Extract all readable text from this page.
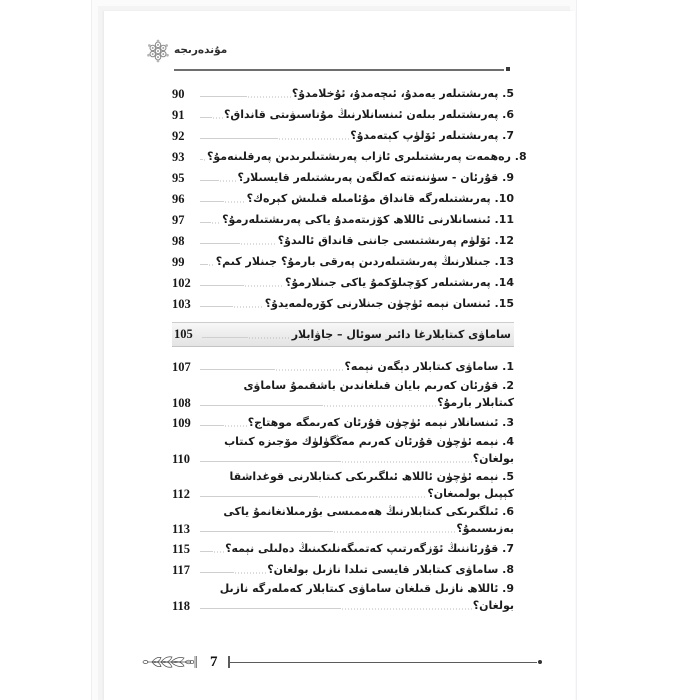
مۇندەرىجە
90	5. پەرىشتىلەر يەمدۇ، ئىچەمدۇ، ئۇخلامدۇ؟
91	6. پەرىشتىلەر بىلەن ئىنسانلارنىڭ مۇناسىۋىتى قانداق؟
92	7. پەرىشتىلەر ئۆلۈپ كېتەمدۇ؟
93	8. رەھمەت پەرىشتىلىرى ئازاب پەرىشتىلىرىدىن پەرقلىنەمۇ؟
95	9. قۇرئان - سۈننەتتە كەلگەن پەرىشتىلەر قايسىلار؟
96	10. پەرىشتىلەرگە قانداق مۇئامىلە قىلىش كېرەك؟
97	11. ئىنسانلارنى ئاللاھ كۆزىتەمدۇ ياكى پەرىشتىلەرمۇ؟
98	12. ئۆلۈم پەرىشتىسى جاننى قانداق ئالىدۇ؟
99	13. جىنلارنىڭ پەرىشتىلەردىن پەرقى بارمۇ؟ جىنلار كىم؟
102	14. پەرىشتىلەر كۆچىلۆكمۇ ياكى جىنلارمۇ؟
103	15. ئىنسان نېمە ئۈچۈن جىنلارنى كۆرەلمەيدۇ؟
105	ساماۋى كىتابلارغا دائىر سوئال – جاۋابلار
107	1. ساماۋى كىتابلار دېگەن نېمە؟
2. قۇرئان كەرىم بايان قىلغاندىن باشقىمۇ ساماۋى
108	كىتابلار بارمۇ؟
109	3. ئىنسانلار نېمە ئۈچۈن قۇرئان كەرىمگە موھتاج؟
4. نېمە ئۈچۈن قۇرئان كەرىم مەڭگۈلۈك مۆجىزە كىتاب
110	بولغان؟
5. نېمە ئۈچۈن ئاللاھ ئىلگىرىكى كىتابلارنى قوغداشقا
112	كېپىل بولمىغان؟
6. ئىلگىرىكى كىتابلارنىڭ ھەممىسى بۇرمىلانغانمۇ ياكى
113	بەزىسىمۇ؟
115	7. قۇرئاننىڭ ئۆزگەرتىپ كەتمىگەنلىكىنىڭ دەلىلى نېمە؟
117	8. ساماۋى كىتابلار قايسى تىلدا نازىل بولغان؟
9. ئاللاھ نازىل قىلغان ساماۋى كىتابلار كەملەرگە نازىل
118	بولغان؟
7
